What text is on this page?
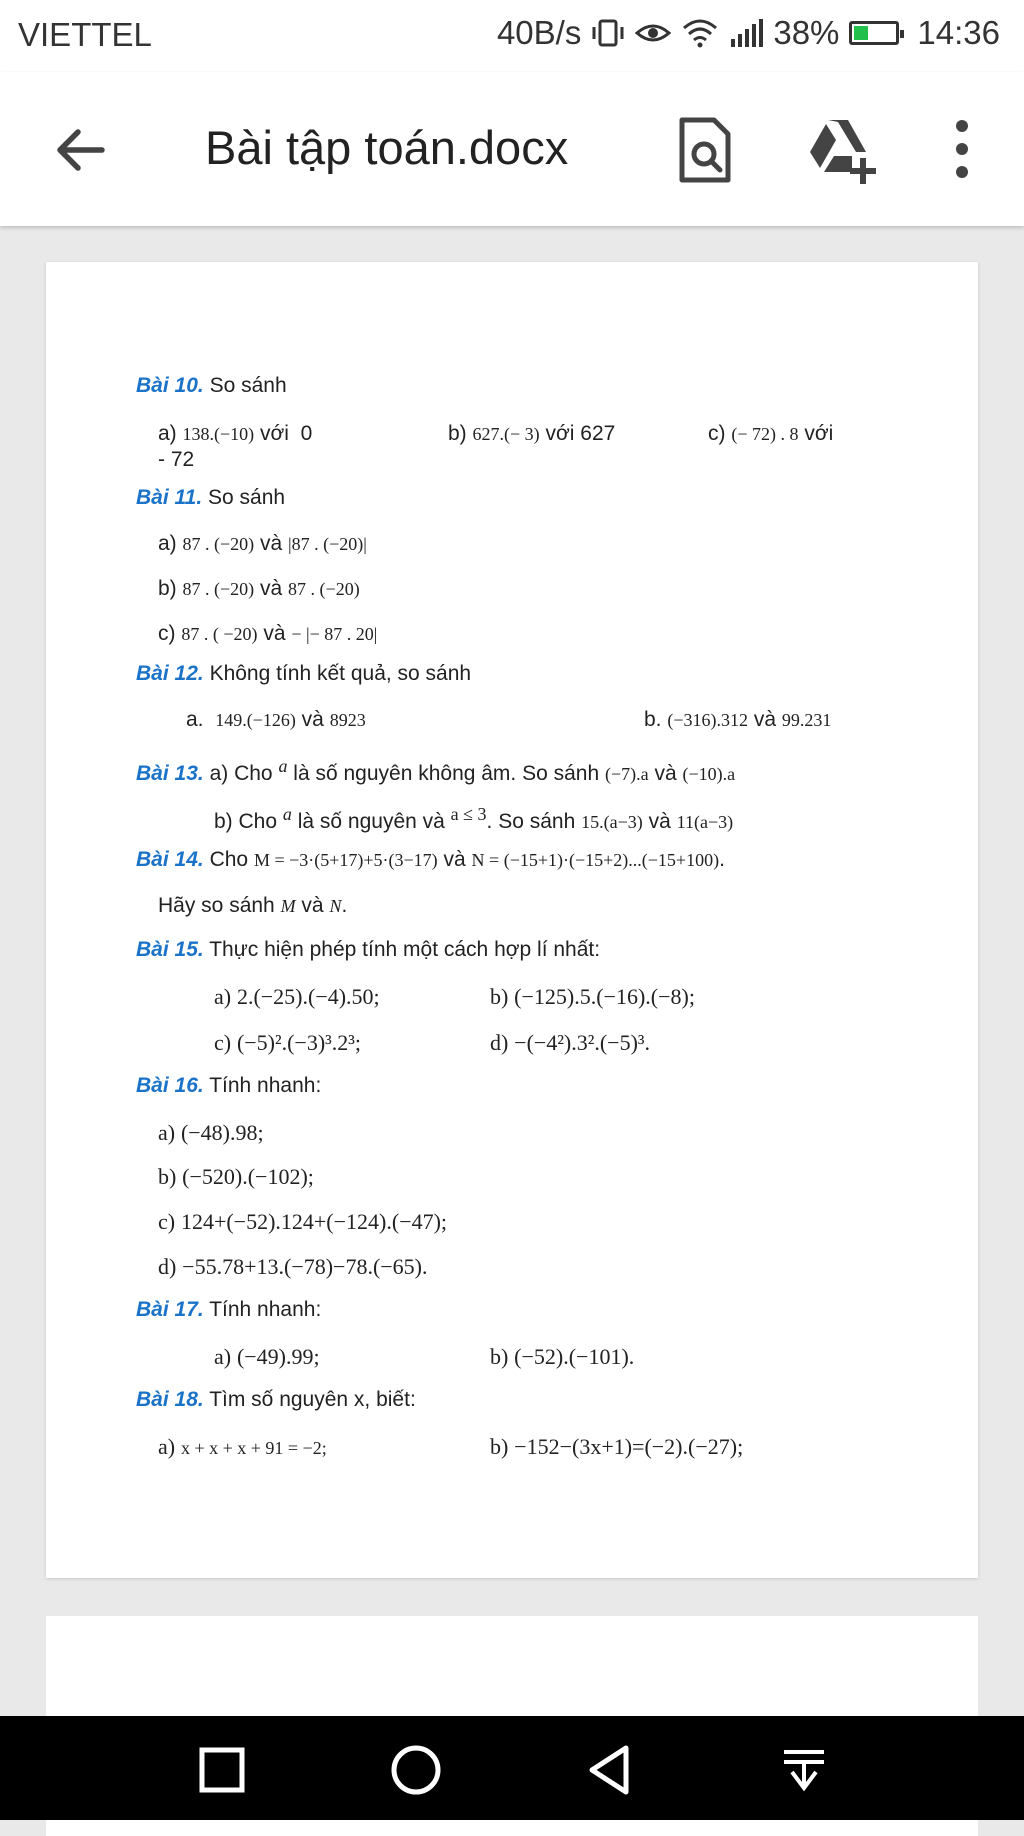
VIETTEL	40B/s	38% 14:36
Bài tập toán.docx
Bài 10. So sánh
a) 138.(−10) với 0	b) 627.(− 3) với 627	c) (− 72) . 8 với
- 72
Bài 11. So sánh
a) 87 . (−20) và |87 . (−20)|
b) 87 . (−20) và 87 . (−20)
c) 87 . ( −20) và − |− 87 . 20|
Bài 12. Không tính kết quả, so sánh
a. 149.(−126) và 8923	b. (−316).312 và 99.231
Bài 13. a) Cho $^a$ là số nguyên không âm. So sánh (−7).a và (−10).a
b) Cho $^a$ là số nguyên và $^{a \le 3}$. So sánh 15.(a−3) và 11(a−3)
Bài 14. Cho M = −3·(5+17)+5·(3−17) và N = (−15+1)·(−15+2)...(−15+100).
Hãy so sánh M và N.
Bài 15. Thực hiện phép tính một cách hợp lí nhất:
a) 2.(−25).(−4).50;	b) (−125).5.(−16).(−8);
c) (−5)².(−3)³.2³;	d) −(−4²).3².(−5)³.
Bài 16. Tính nhanh:
a) (−48).98;
b) (−520).(−102);
c) 124+(−52).124+(−124).(−47);
d) −55.78+13.(−78)−78.(−65).
Bài 17. Tính nhanh:
a) (−49).99;	b) (−52).(−101).
Bài 18. Tìm số nguyên x, biết:
a) x + x + x + 91 = −2;	b) −152−(3x+1)=(−2).(−27);
